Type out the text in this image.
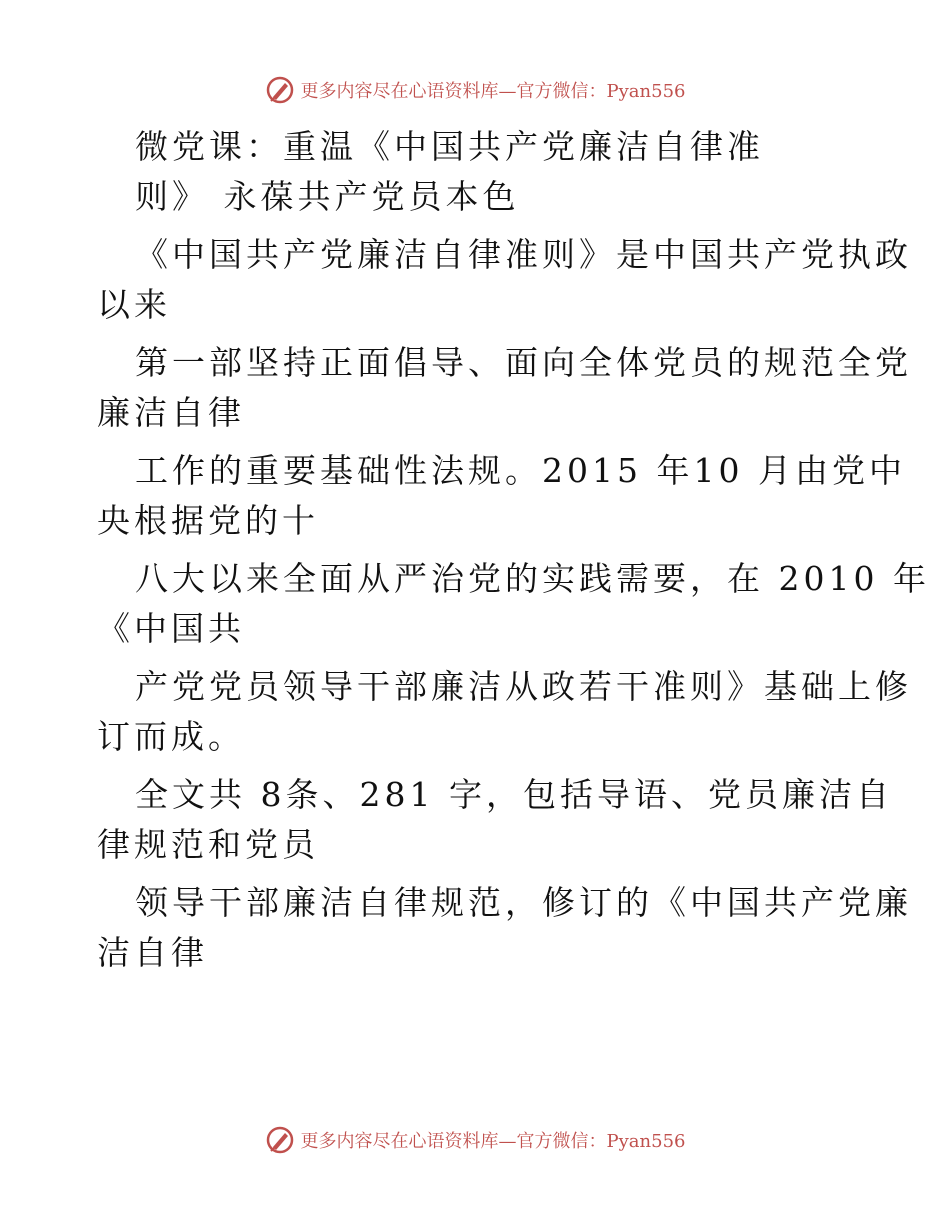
更多内容尽在心语资料库—官方微信：Pyan556
微党课：重温《中国共产党廉洁自律准
则》 永葆共产党员本色
《中国共产党廉洁自律准则》是中国共产党执政
以来
第一部坚持正面倡导、面向全体党员的规范全党
廉洁自律
工作的重要基础性法规。2015 年10 月由党中
央根据党的十
八大以来全面从严治党的实践需要，在 2010 年
《中国共
产党党员领导干部廉洁从政若干准则》基础上修
订而成。
全文共 8条、281 字，包括导语、党员廉洁自
律规范和党员
领导干部廉洁自律规范，修订的《中国共产党廉
洁自律
更多内容尽在心语资料库—官方微信：Pyan556
